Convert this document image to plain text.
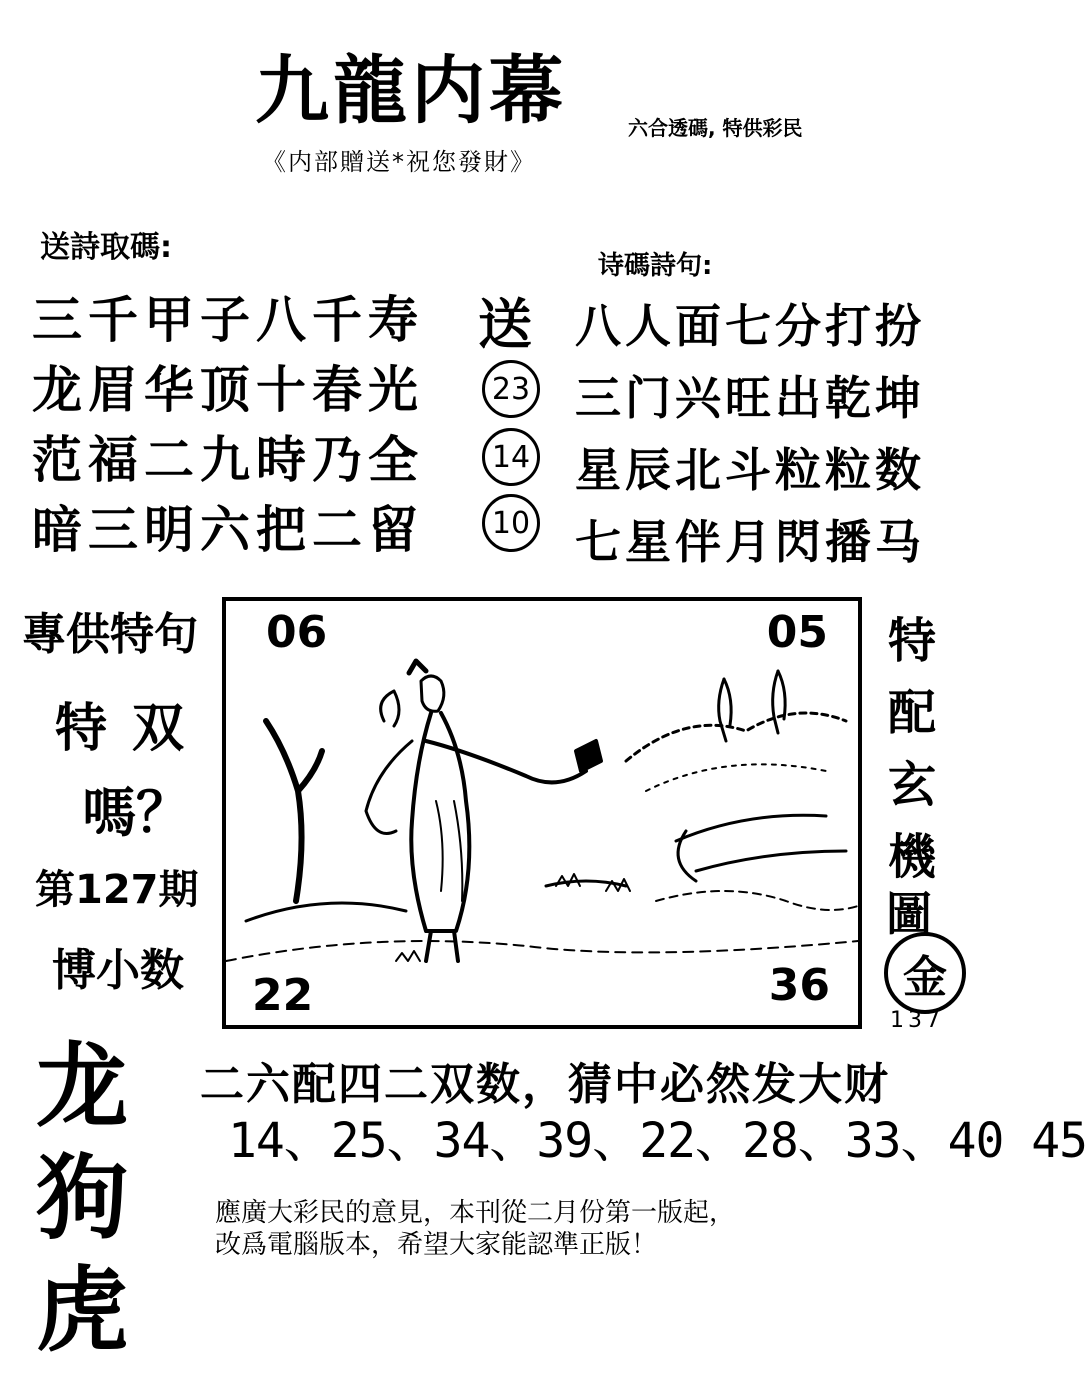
九龍内幕	六合透碼, 特供彩民
《内部贈送*祝您發財》
送詩取碼:
三千甲子八千寿
龙眉华顶十春光
范福二九時乃全
暗三明六把二留
送
23
14
10
诗碼詩句:
八人面七分打扮
三门兴旺出乾坤
星辰北斗粒粒数
七星伴月閃播马
專供特句
特 双
嗎？
第127期
博小数
龙
狗
虎
06	05
22	36
特
配
玄
機
圖
金
137
二六配四二双数，猜中必然发大财
14、25、34、39、22、28、33、40 45
應廣大彩民的意見，本刊從二月份第一版起，
改爲電腦版本，希望大家能認準正版！
